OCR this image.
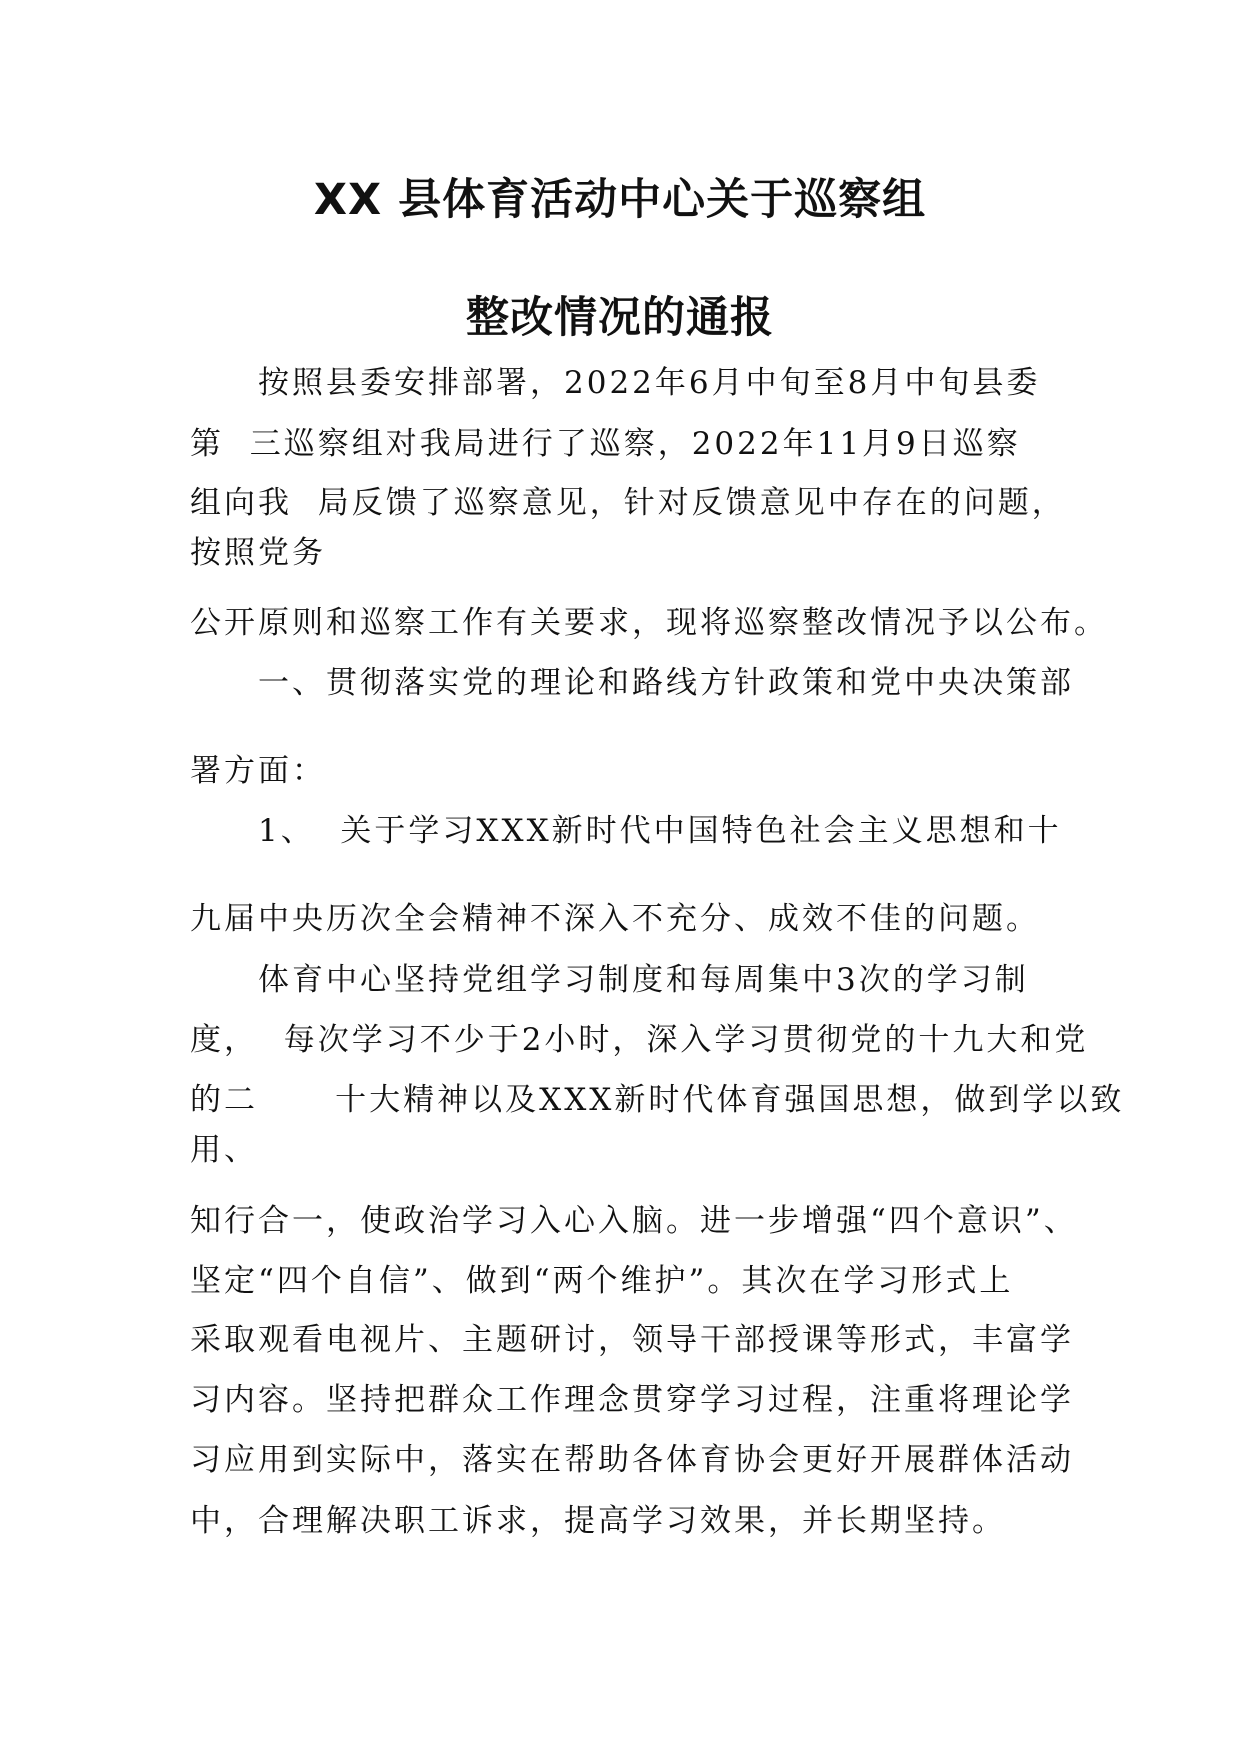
XX 县体育活动中心关于巡察组
整改情况的通报
按照县委安排部署，2022年6月中旬至8月中旬县委
第  三巡察组对我局进行了巡察，2022年11月9日巡察
组向我  局反馈了巡察意见，针对反馈意见中存在的问题，
按照党务
公开原则和巡察工作有关要求，现将巡察整改情况予以公布。
一、贯彻落实党的理论和路线方针政策和党中央决策部
署方面：
1、  关于学习XXX新时代中国特色社会主义思想和十
九届中央历次全会精神不深入不充分、成效不佳的问题。
体育中心坚持党组学习制度和每周集中3次的学习制
度，  每次学习不少于2小时，深入学习贯彻党的十九大和党
的二      十大精神以及XXX新时代体育强国思想，做到学以致
用、
知行合一，使政治学习入心入脑。进一步增强“四个意识”、
坚定“四个自信”、做到“两个维护”。其次在学习形式上
采取观看电视片、主题研讨，领导干部授课等形式，丰富学
习内容。坚持把群众工作理念贯穿学习过程，注重将理论学
习应用到实际中，落实在帮助各体育协会更好开展群体活动
中，合理解决职工诉求，提高学习效果，并长期坚持。
